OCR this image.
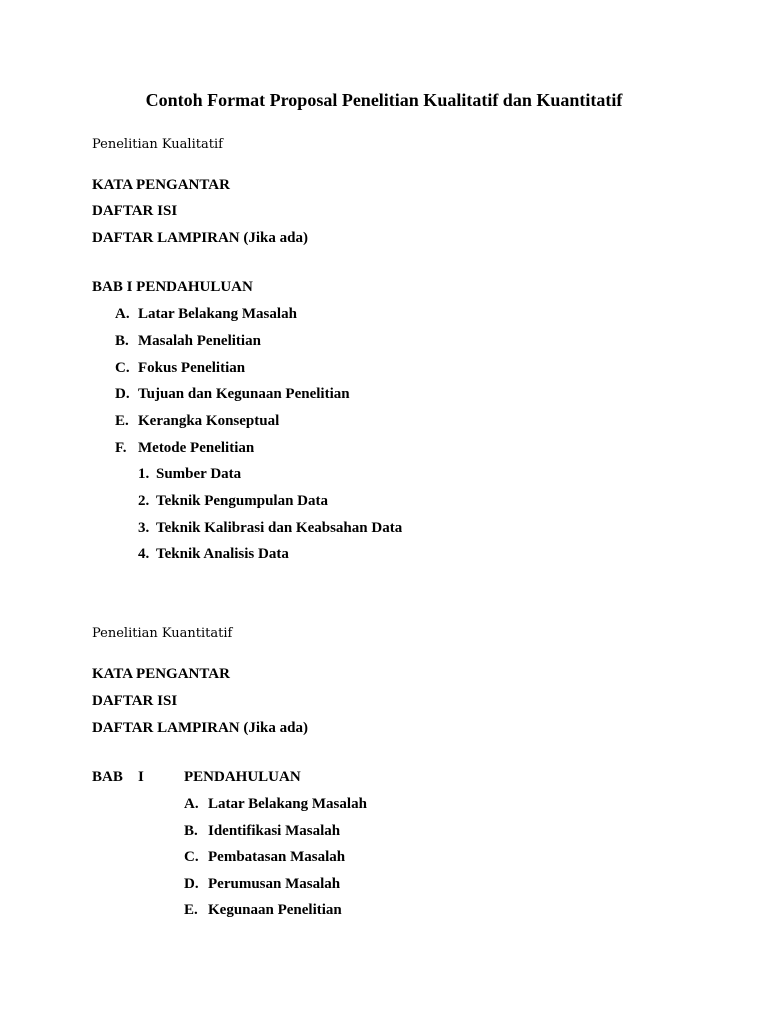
Contoh Format Proposal Penelitian Kualitatif dan Kuantitatif
Penelitian Kualitatif
KATA PENGANTAR
DAFTAR ISI
DAFTAR LAMPIRAN (Jika ada)
BAB I PENDAHULUAN
A. Latar Belakang Masalah
B. Masalah Penelitian
C. Fokus Penelitian
D. Tujuan dan Kegunaan Penelitian
E. Kerangka Konseptual
F. Metode Penelitian
1. Sumber Data
2. Teknik Pengumpulan Data
3. Teknik Kalibrasi dan Keabsahan Data
4. Teknik Analisis Data
Penelitian Kuantitatif
KATA PENGANTAR
DAFTAR ISI
DAFTAR LAMPIRAN (Jika ada)
BAB I	PENDAHULUAN
A. Latar Belakang Masalah
B. Identifikasi Masalah
C. Pembatasan Masalah
D. Perumusan Masalah
E. Kegunaan Penelitian
